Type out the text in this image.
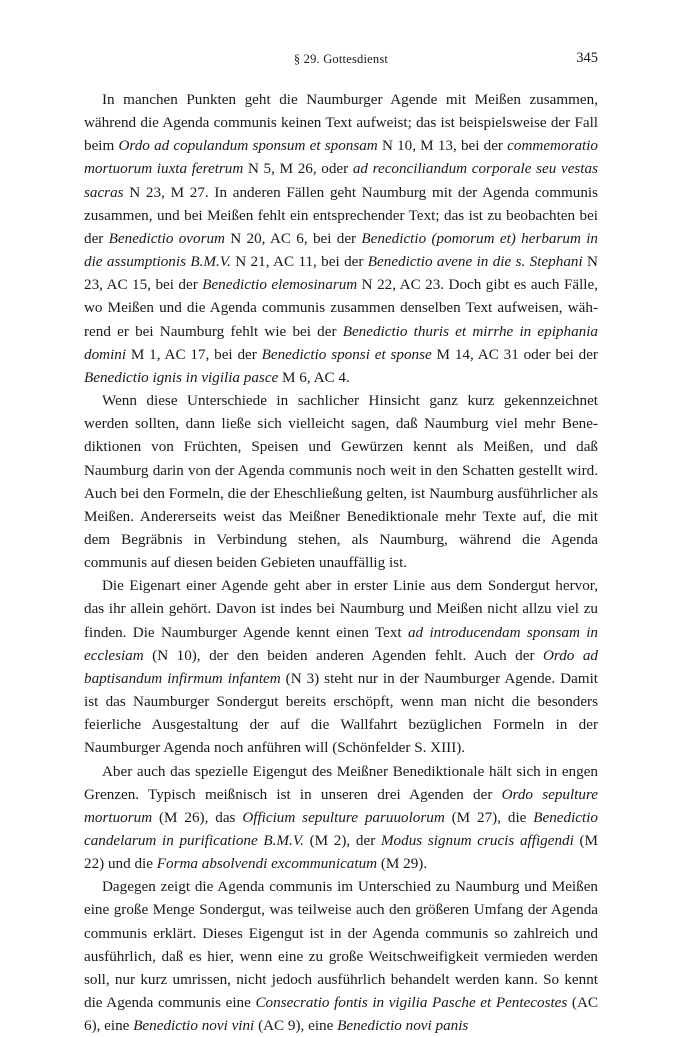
§ 29. Gottesdienst	345

In manchen Punkten geht die Naumburger Agende mit Meißen zusammen, während die Agenda communis keinen Text aufweist; das ist beispielsweise der Fall beim Ordo ad copulandum sponsum et sponsam N 10, M 13, bei der commemoratio mortuorum iuxta feretrum N 5, M 26, oder ad reconciliandum corporale seu vestas sacras N 23, M 27. In anderen Fällen geht Naumburg mit der Agenda communis zusammen, und bei Meißen fehlt ein entsprechender Text; das ist zu beobachten bei der Benedictio ovorum N 20, AC 6, bei der Benedictio (pomorum et) herbarum in die assumptionis B.M.V. N 21, AC 11, bei der Benedictio avene in die s. Stephani N 23, AC 15, bei der Benedictio elemosinarum N 22, AC 23. Doch gibt es auch Fälle, wo Meißen und die Agenda communis zusammen denselben Text aufweisen, während er bei Naumburg fehlt wie bei der Benedictio thuris et mirrhe in epiphania domini M 1, AC 17, bei der Benedictio sponsi et sponse M 14, AC 31 oder bei der Benedictio ignis in vigilia pasce M 6, AC 4.

Wenn diese Unterschiede in sachlicher Hinsicht ganz kurz gekennzeichnet werden sollten, dann ließe sich vielleicht sagen, daß Naumburg viel mehr Benediktionen von Früchten, Speisen und Gewürzen kennt als Meißen, und daß Naumburg darin von der Agenda communis noch weit in den Schatten gestellt wird. Auch bei den Formeln, die der Eheschließung gelten, ist Naumburg ausführlicher als Meißen. Andererseits weist das Meißner Benediktionale mehr Texte auf, die mit dem Begräbnis in Verbindung stehen, als Naumburg, während die Agenda communis auf diesen beiden Gebieten unauffällig ist.

Die Eigenart einer Agende geht aber in erster Linie aus dem Sondergut hervor, das ihr allein gehört. Davon ist indes bei Naumburg und Meißen nicht allzu viel zu finden. Die Naumburger Agende kennt einen Text ad introducendam sponsam in ecclesiam (N 10), der den beiden anderen Agenden fehlt. Auch der Ordo ad baptisandum infirmum infantem (N 3) steht nur in der Naumburger Agende. Damit ist das Naumburger Sondergut bereits erschöpft, wenn man nicht die besonders feierliche Ausgestaltung der auf die Wallfahrt bezüglichen Formeln in der Naumburger Agenda noch anführen will (Schönfelder S. XIII).

Aber auch das spezielle Eigengut des Meißner Benediktionale hält sich in engen Grenzen. Typisch meißnisch ist in unseren drei Agenden der Ordo sepulture mortuorum (M 26), das Officium sepulture paruuolorum (M 27), die Benedictio candelarum in purificatione B.M.V. (M 2), der Modus signum crucis affigendi (M 22) und die Forma absolvendi excommunicatum (M 29).

Dagegen zeigt die Agenda communis im Unterschied zu Naumburg und Meißen eine große Menge Sondergut, was teilweise auch den größeren Umfang der Agenda communis erklärt. Dieses Eigengut ist in der Agenda communis so zahlreich und ausführlich, daß es hier, wenn eine zu große Weitschweifigkeit vermieden werden soll, nur kurz umrissen, nicht jedoch ausführlich behandelt werden kann. So kennt die Agenda communis eine Consecratio fontis in vigilia Pasche et Pentecostes (AC 6), eine Benedictio novi vini (AC 9), eine Benedictio novi panis
